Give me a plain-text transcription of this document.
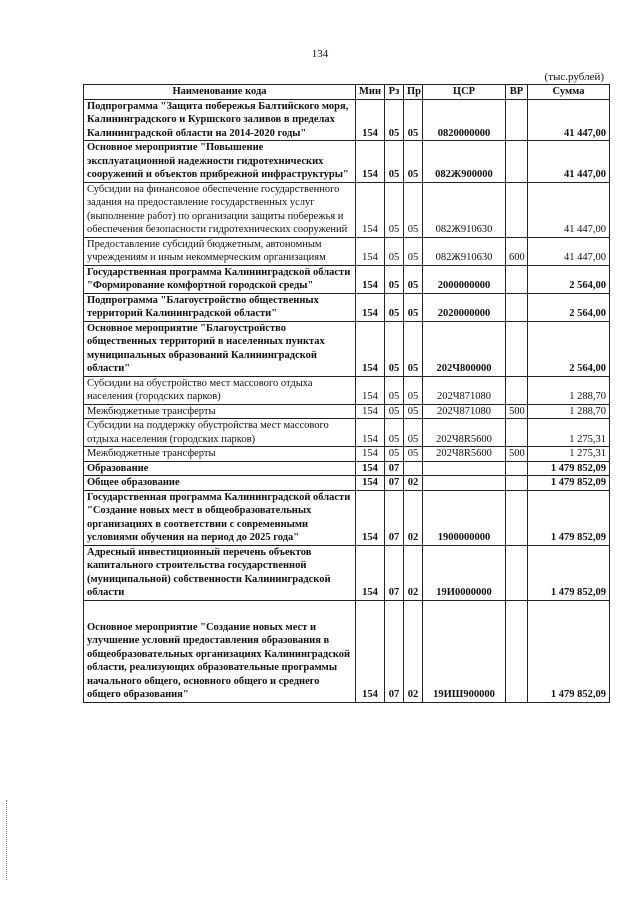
134
(тыс.рублей)
Наименование кода	Мин	Рз	Пр	ЦСР	ВР	Сумма
Подпрограмма "Защита побережья Балтийского моря, Калининградского и Куршского заливов в пределах Калининградской области на 2014-2020 годы"	154	05	05	0820000000		41 447,00
Основное мероприятие "Повышение эксплуатационной надежности гидротехнических сооружений и объектов прибрежной инфраструктуры"	154	05	05	082Ж900000		41 447,00
Субсидии на финансовое обеспечение государственного задания на предоставление государственных услуг (выполнение работ) по организации защиты побережья и обеспечения безопасности гидротехнических сооружений	154	05	05	082Ж910630		41 447,00
Предоставление субсидий бюджетным, автономным учреждениям и иным некоммерческим организациям	154	05	05	082Ж910630	600	41 447,00
Государственная программа Калининградской области "Формирование комфортной городской среды"	154	05	05	2000000000		2 564,00
Подпрограмма "Благоустройство общественных территорий Калининградской области"	154	05	05	2020000000		2 564,00
Основное мероприятие "Благоустройство общественных территорий в населенных пунктах муниципальных образований Калининградской области"	154	05	05	202Ч800000		2 564,00
Субсидии на обустройство мест массового отдыха населения (городских парков)	154	05	05	202Ч871080		1 288,70
Межбюджетные трансферты	154	05	05	202Ч871080	500	1 288,70
Субсидии на поддержку обустройства мест массового отдыха населения (городских парков)	154	05	05	202Ч8R5600		1 275,31
Межбюджетные трансферты	154	05	05	202Ч8R5600	500	1 275,31
Образование	154	07				1 479 852,09
Общее образование	154	07	02			1 479 852,09
Государственная программа Калининградской области "Создание новых мест в общеобразовательных организациях в соответствии с современными условиями обучения на период до 2025 года"	154	07	02	1900000000		1 479 852,09
Адресный инвестиционный перечень объектов капитального строительства государственной (муниципальной) собственности Калининградской области	154	07	02	19И0000000		1 479 852,09
Основное мероприятие "Создание новых мест и улучшение условий предоставления образования в общеобразовательных организациях Калининградской области, реализующих образовательные программы начального общего, основного общего и среднего общего образования"	154	07	02	19ИШ900000		1 479 852,09
